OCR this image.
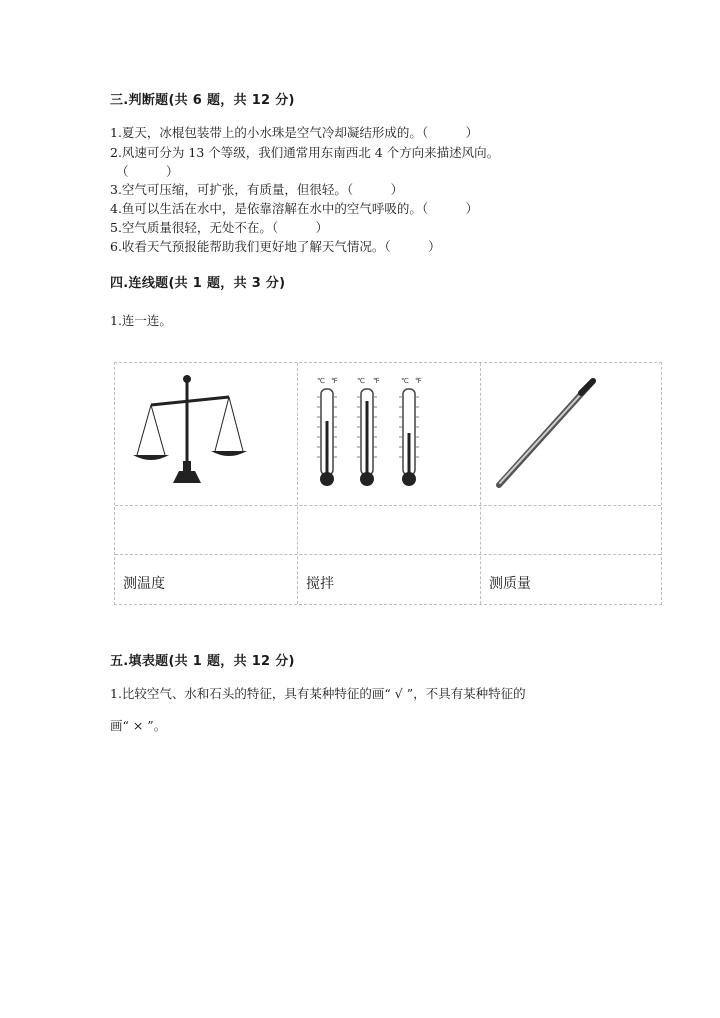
三.判断题(共 6 题，共 12 分)
1.夏天，冰棍包装带上的小水珠是空气冷却凝结形成的。（　　　）
2.风速可分为 13 个等级，我们通常用东南西北 4 个方向来描述风向。
（　　　）
3.空气可压缩，可扩张，有质量，但很轻。（　　　）
4.鱼可以生活在水中，是依靠溶解在水中的空气呼吸的。（　　　）
5.空气质量很轻，无处不在。（　　　）
6.收看天气预报能帮助我们更好地了解天气情况。（　　　）
四.连线题(共 1 题，共 3 分)
1.连一连。
℃ ℉	℃ ℉	℃ ℉
测温度	搅拌	测质量
五.填表题(共 1 题，共 12 分)
1.比较空气、水和石头的特征，具有某种特征的画“ √ ”，不具有某种特征的
画“ × ”。
